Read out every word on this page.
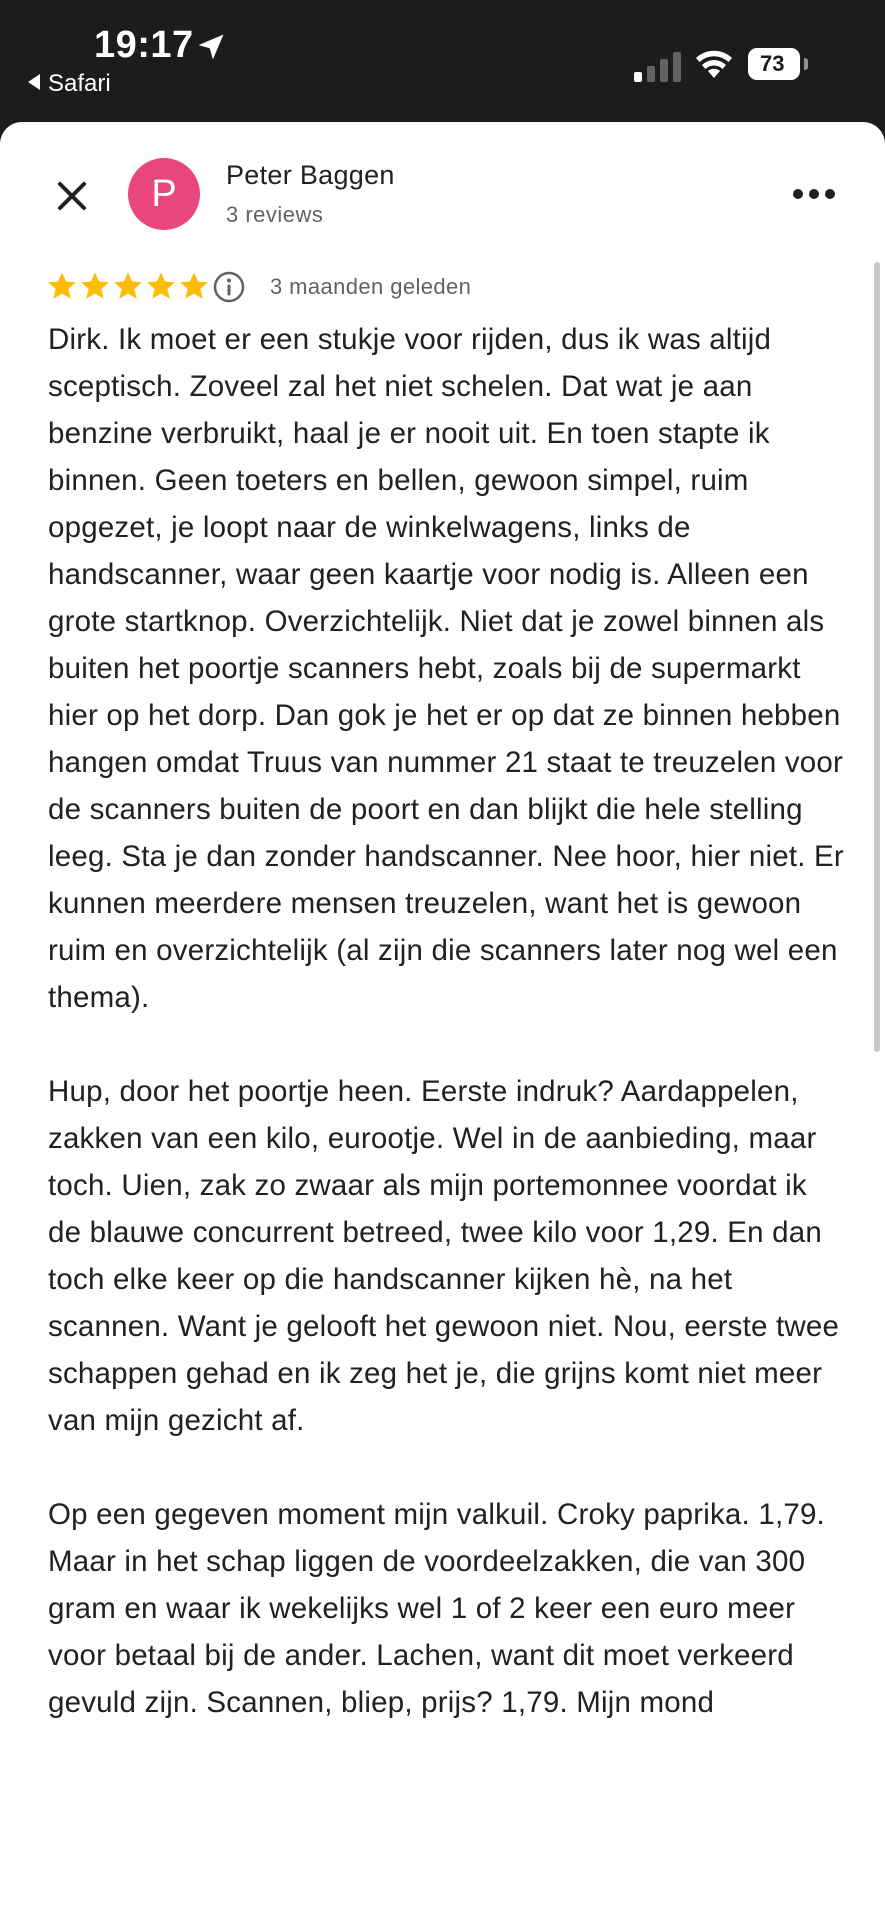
19:17
Safari
73
P	Peter Baggen
3 reviews
3 maanden geleden

Dirk. Ik moet er een stukje voor rijden, dus ik was altijd sceptisch. Zoveel zal het niet schelen. Dat wat je aan benzine verbruikt, haal je er nooit uit. En toen stapte ik binnen. Geen toeters en bellen, gewoon simpel, ruim opgezet, je loopt naar de winkelwagens, links de handscanner, waar geen kaartje voor nodig is. Alleen een grote startknop. Overzichtelijk. Niet dat je zowel binnen als buiten het poortje scanners hebt, zoals bij de supermarkt hier op het dorp. Dan gok je het er op dat ze binnen hebben hangen omdat Truus van nummer 21 staat te treuzelen voor de scanners buiten de poort en dan blijkt die hele stelling leeg. Sta je dan zonder handscanner. Nee hoor, hier niet. Er kunnen meerdere mensen treuzelen, want het is gewoon ruim en overzichtelijk (al zijn die scanners later nog wel een thema).

Hup, door het poortje heen. Eerste indruk? Aardappelen, zakken van een kilo, eurootje. Wel in de aanbieding, maar toch. Uien, zak zo zwaar als mijn portemonnee voordat ik de blauwe concurrent betreed, twee kilo voor 1,29. En dan toch elke keer op die handscanner kijken hè, na het scannen. Want je gelooft het gewoon niet. Nou, eerste twee schappen gehad en ik zeg het je, die grijns komt niet meer van mijn gezicht af.

Op een gegeven moment mijn valkuil. Croky paprika. 1,79. Maar in het schap liggen de voordeelzakken, die van 300 gram en waar ik wekelijks wel 1 of 2 keer een euro meer voor betaal bij de ander. Lachen, want dit moet verkeerd gevuld zijn. Scannen, bliep, prijs? 1,79. Mijn mond
